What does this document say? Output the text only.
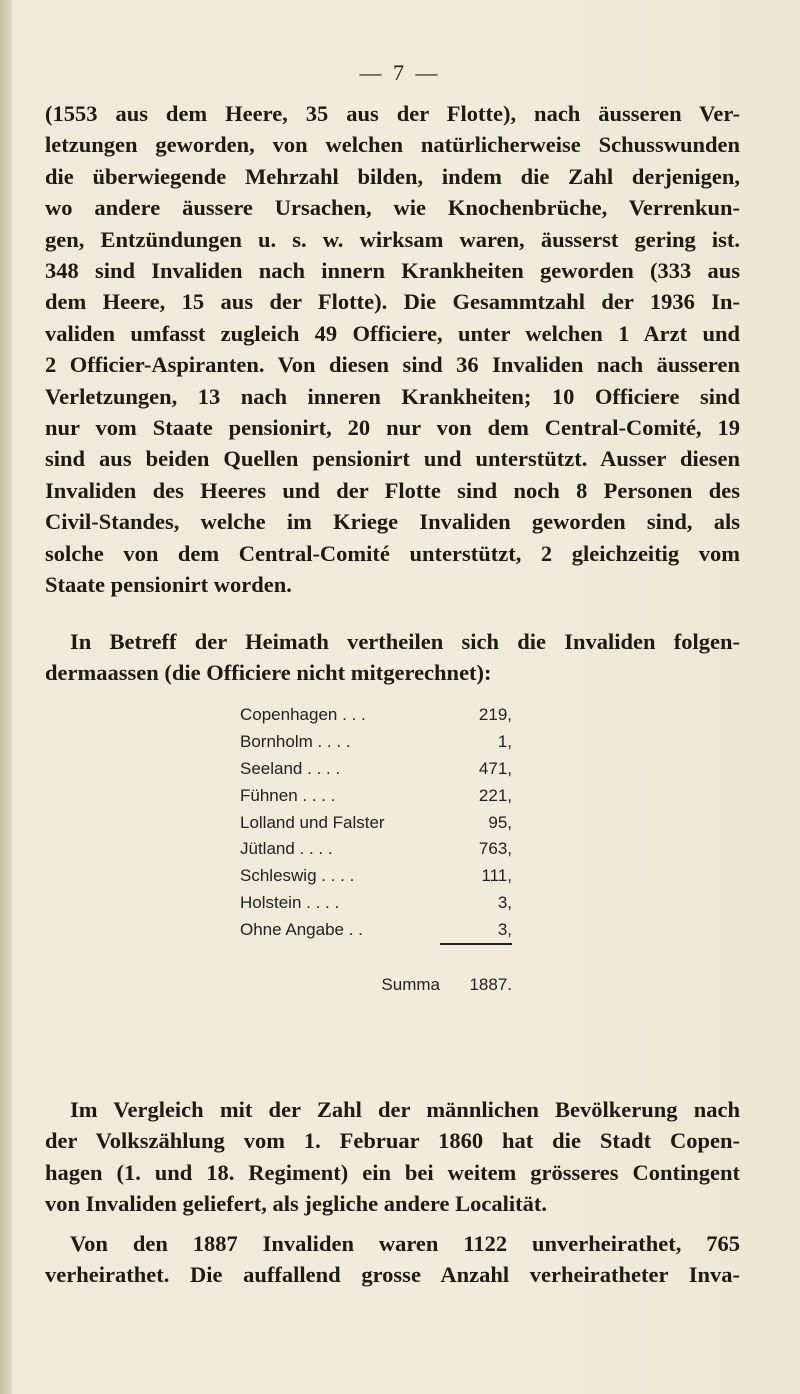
— 7 —
(1553 aus dem Heere, 35 aus der Flotte), nach äusseren Ver-
letzungen geworden, von welchen natürlicherweise Schusswunden
die überwiegende Mehrzahl bilden, indem die Zahl derjenigen,
wo andere äussere Ursachen, wie Knochenbrüche, Verrenkun-
gen, Entzündungen u. s. w. wirksam waren, äusserst gering ist.
348 sind Invaliden nach innern Krankheiten geworden (333 aus
dem Heere, 15 aus der Flotte). Die Gesammtzahl der 1936 In-
validen umfasst zugleich 49 Officiere, unter welchen 1 Arzt und
2 Officier-Aspiranten. Von diesen sind 36 Invaliden nach äusseren
Verletzungen, 13 nach inneren Krankheiten; 10 Officiere sind
nur vom Staate pensionirt, 20 nur von dem Central-Comité, 19
sind aus beiden Quellen pensionirt und unterstützt. Ausser diesen
Invaliden des Heeres und der Flotte sind noch 8 Personen des
Civil-Standes, welche im Kriege Invaliden geworden sind, als
solche von dem Central-Comité unterstützt, 2 gleichzeitig vom
Staate pensionirt worden.
In Betreff der Heimath vertheilen sich die Invaliden folgen-
dermaassen (die Officiere nicht mitgerechnet):
Copenhagen . . .	219,
Bornholm . . . .	1,
Seeland . . . .	471,
Fühnen . . . .	221,
Lolland und Falster	95,
Jütland . . . .	763,
Schleswig . . . .	111,
Holstein . . . .	3,
Ohne Angabe . .	3,

Summa	1887.
Im Vergleich mit der Zahl der männlichen Bevölkerung nach
der Volkszählung vom 1. Februar 1860 hat die Stadt Copen-
hagen (1. und 18. Regiment) ein bei weitem grösseres Contingent
von Invaliden geliefert, als jegliche andere Localität.
Von den 1887 Invaliden waren 1122 unverheirathet, 765
verheirathet. Die auffallend grosse Anzahl verheiratheter Inva-
